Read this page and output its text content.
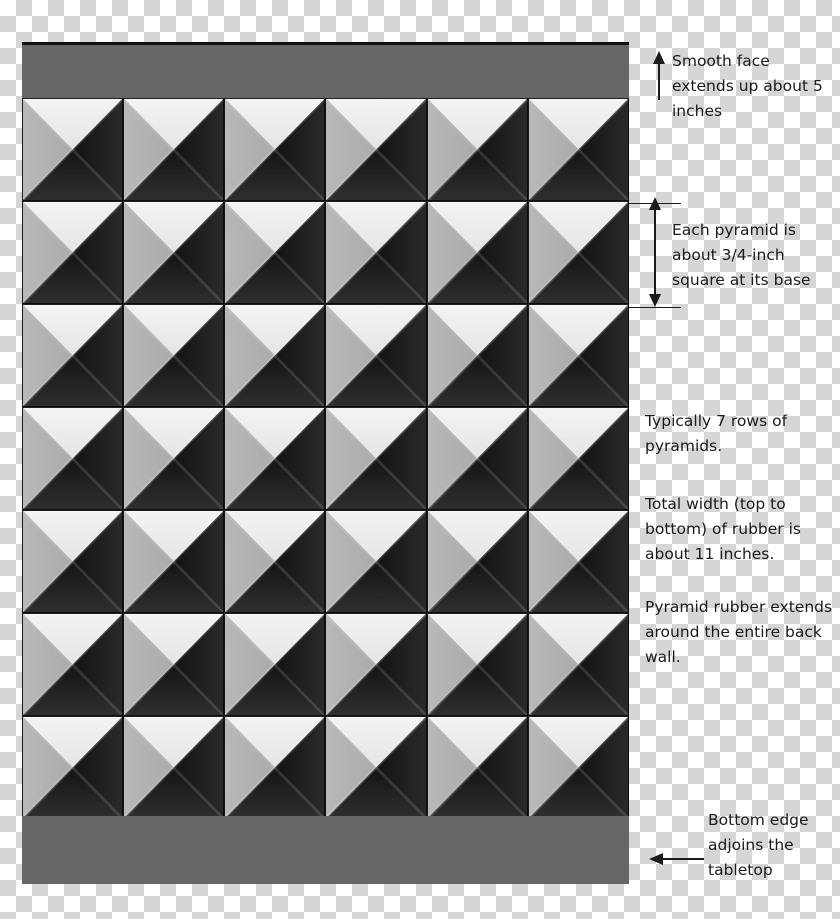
Smooth face extends up about 5 inches
Each pyramid is about 3/4-inch square at its base
Typically 7 rows of pyramids.
Total width (top to bottom) of rubber is about 11 inches.
Pyramid rubber extends around the entire back wall.
Bottom edge adjoins the tabletop
